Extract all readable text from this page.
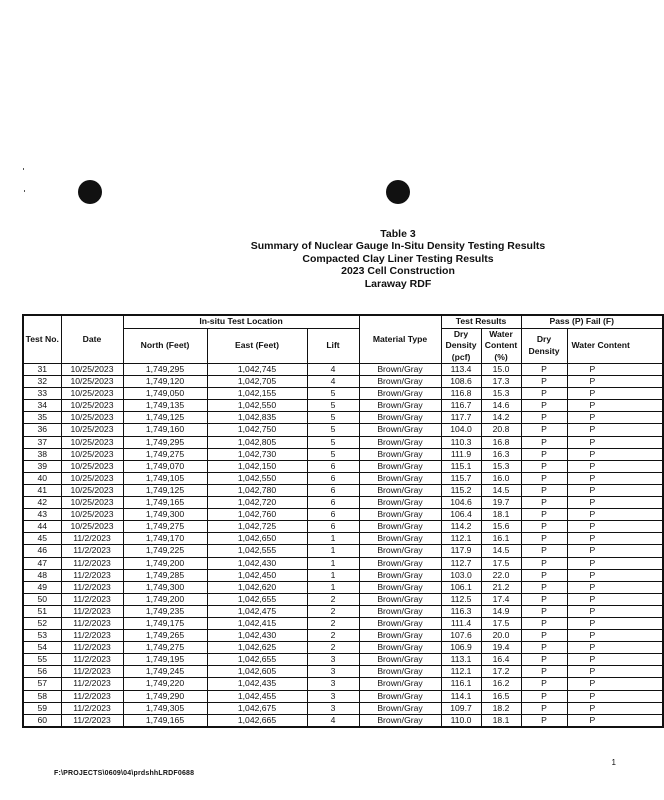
Table 3
Summary of Nuclear Gauge In-Situ Density Testing Results
Compacted Clay Liner Testing Results
2023 Cell Construction
Laraway RDF
Test No.	Date	In-situ Test Location			Material Type	Test Results		Pass (P) Fail (F)	
		North (Feet)	East (Feet)	Lift		Dry Density (pcf)	Water Content (%)	Dry Density	Water Content

31	10/25/2023	1,749,295	1,042,745	4	Brown/Gray	113.4	15.0	P	P
32	10/25/2023	1,749,120	1,042,705	4	Brown/Gray	108.6	17.3	P	P
33	10/25/2023	1,749,050	1,042,155	5	Brown/Gray	116.8	15.3	P	P
34	10/25/2023	1,749,135	1,042,550	5	Brown/Gray	116.7	14.6	P	P
35	10/25/2023	1,749,125	1,042,835	5	Brown/Gray	117.7	14.2	P	P
36	10/25/2023	1,749,160	1,042,750	5	Brown/Gray	104.0	20.8	P	P
37	10/25/2023	1,749,295	1,042,805	5	Brown/Gray	110.3	16.8	P	P
38	10/25/2023	1,749,275	1,042,730	5	Brown/Gray	111.9	16.3	P	P
39	10/25/2023	1,749,070	1,042,150	6	Brown/Gray	115.1	15.3	P	P
40	10/25/2023	1,749,105	1,042,550	6	Brown/Gray	115.7	16.0	P	P
41	10/25/2023	1,749,125	1,042,780	6	Brown/Gray	115.2	14.5	P	P
42	10/25/2023	1,749,165	1,042,720	6	Brown/Gray	104.6	19.7	P	P
43	10/25/2023	1,749,300	1,042,760	6	Brown/Gray	106.4	18.1	P	P
44	10/25/2023	1,749,275	1,042,725	6	Brown/Gray	114.2	15.6	P	P
45	11/2/2023	1,749,170	1,042,650	1	Brown/Gray	112.1	16.1	P	P
46	11/2/2023	1,749,225	1,042,555	1	Brown/Gray	117.9	14.5	P	P
47	11/2/2023	1,749,200	1,042,430	1	Brown/Gray	112.7	17.5	P	P
48	11/2/2023	1,749,285	1,042,450	1	Brown/Gray	103.0	22.0	P	P
49	11/2/2023	1,749,300	1,042,620	1	Brown/Gray	106.1	21.2	P	P
50	11/2/2023	1,749,200	1,042,655	2	Brown/Gray	112.5	17.4	P	P
51	11/2/2023	1,749,235	1,042,475	2	Brown/Gray	116.3	14.9	P	P
52	11/2/2023	1,749,175	1,042,415	2	Brown/Gray	111.4	17.5	P	P
53	11/2/2023	1,749,265	1,042,430	2	Brown/Gray	107.6	20.0	P	P
54	11/2/2023	1,749,275	1,042,625	2	Brown/Gray	106.9	19.4	P	P
55	11/2/2023	1,749,195	1,042,655	3	Brown/Gray	113.1	16.4	P	P
56	11/2/2023	1,749,245	1,042,605	3	Brown/Gray	112.1	17.2	P	P
57	11/2/2023	1,749,220	1,042,435	3	Brown/Gray	116.1	16.2	P	P
58	11/2/2023	1,749,290	1,042,455	3	Brown/Gray	114.1	16.5	P	P
59	11/2/2023	1,749,305	1,042,675	3	Brown/Gray	109.7	18.2	P	P
60	11/2/2023	1,749,165	1,042,665	4	Brown/Gray	110.0	18.1	P	P
F:\PROJECTS\0609\04\prdshhLRDF0688
1
